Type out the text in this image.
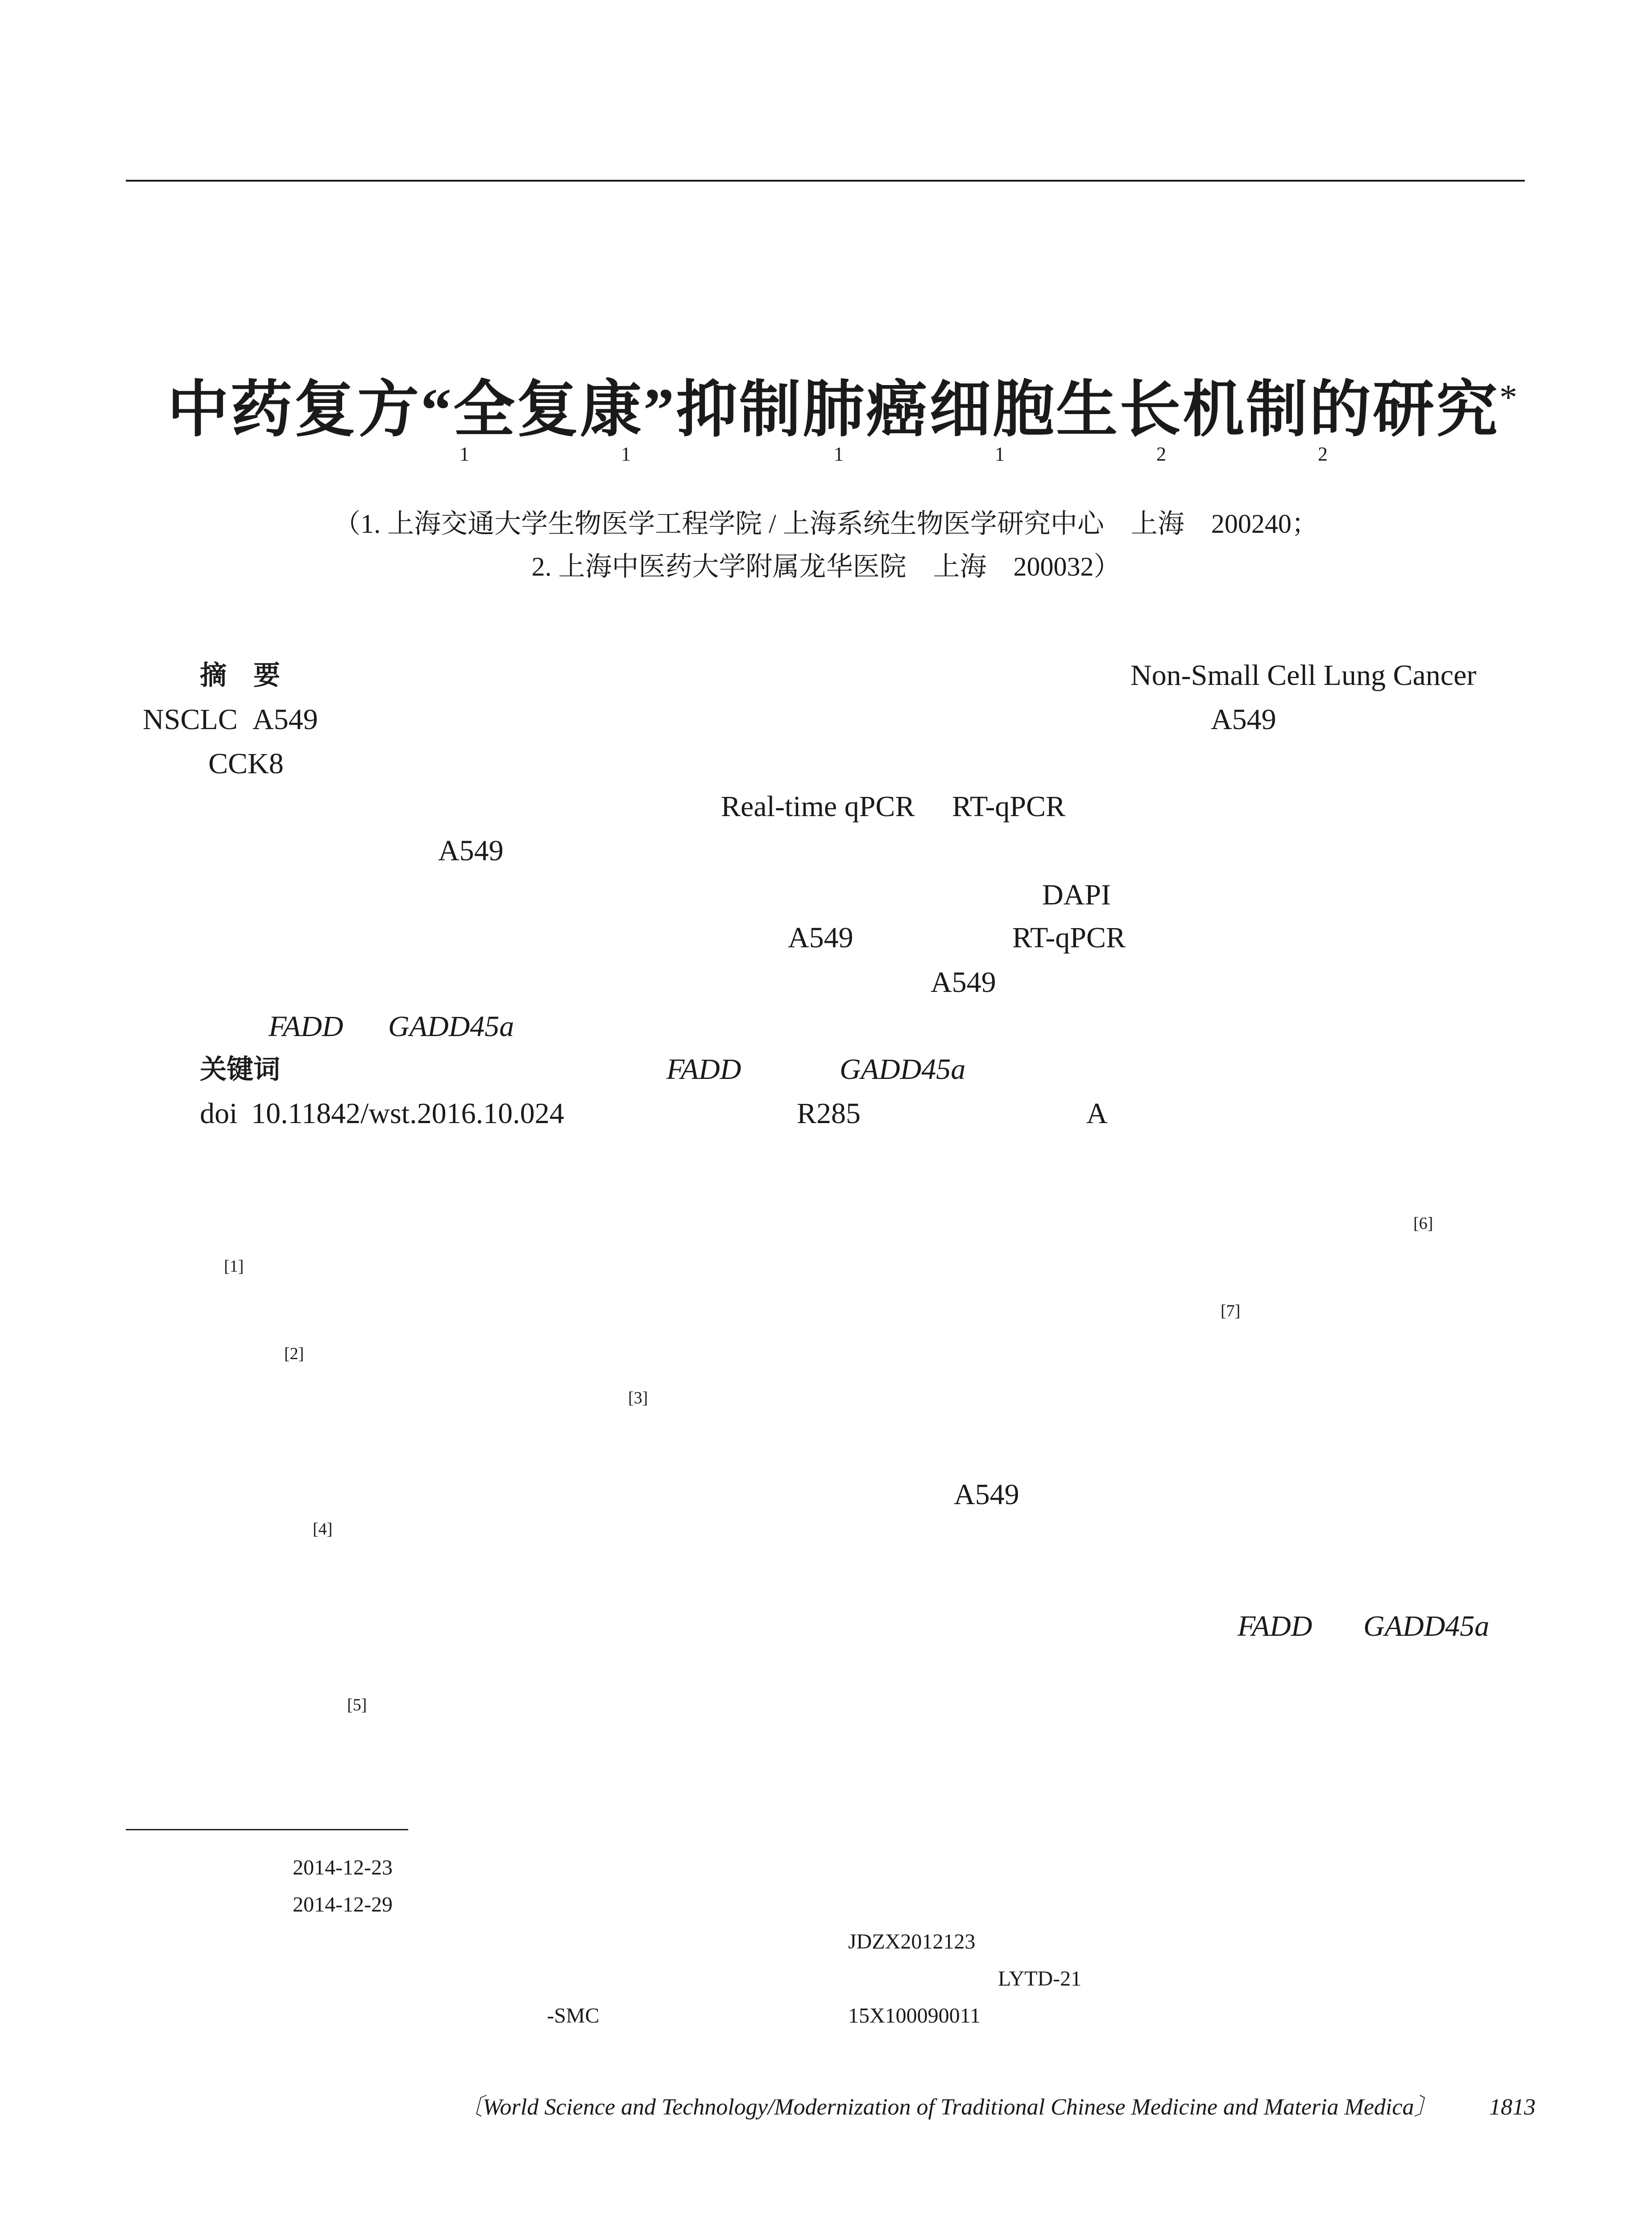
中药复方“全复康”抑制肺癌细胞生长机制的研究*

1	1	1	1	2	2
（1. 上海交通大学生物医学工程学院 / 上海系统生物医学研究中心　上海　200240；
2. 上海中医药大学附属龙华医院　上海　200032）
摘　要	Non-Small Cell Lung Cancer
NSCLC A549	A549
CCK8
Real-time qPCR RT-qPCR
A549
DAPI
A549	RT-qPCR
A549
FADD GADD45a
关键词	FADD	GADD45a
doi 10.11842/wst.2016.10.024	R285	A
[6]
[1]
[7]
[2]
[3]
A549
[4]
FADD GADD45a
[5]
2014-12-23
2014-12-29
JDZX2012123
LYTD-21
-SMC	15X100090011
〔World Science and Technology/Modernization of Traditional Chinese Medicine and Materia Medica〕 1813
